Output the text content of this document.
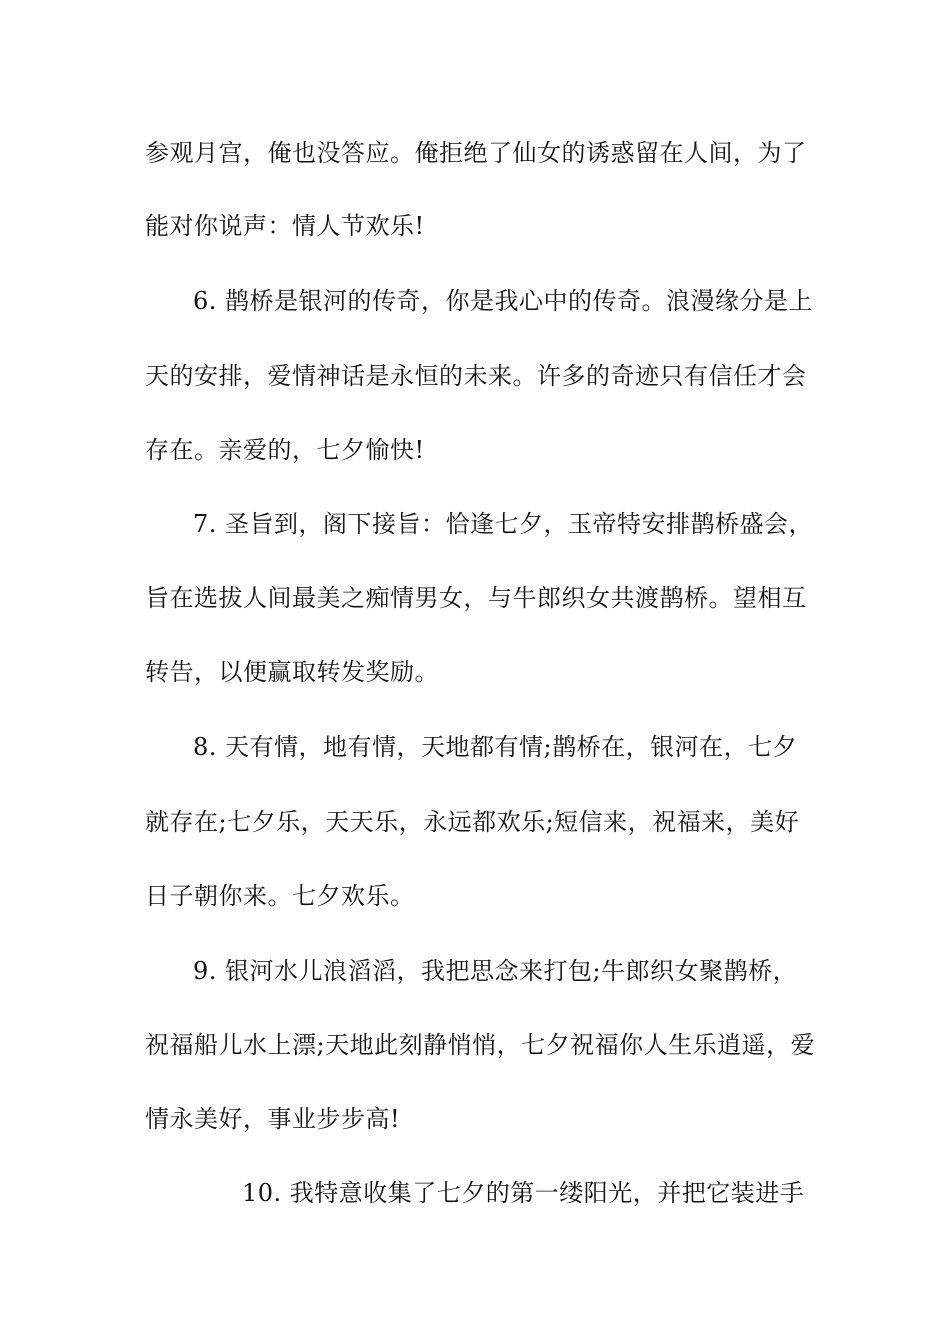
参观月宫，俺也没答应。俺拒绝了仙女的诱惑留在人间，为了
能对你说声：情人节欢乐!
6. 鹊桥是银河的传奇，你是我心中的传奇。浪漫缘分是上
天的安排，爱情神话是永恒的未来。许多的奇迹只有信任才会
存在。亲爱的，七夕愉快!
7. 圣旨到，阁下接旨：恰逢七夕，玉帝特安排鹊桥盛会，
旨在选拔人间最美之痴情男女，与牛郎织女共渡鹊桥。望相互
转告，以便赢取转发奖励。
8. 天有情，地有情，天地都有情;鹊桥在，银河在，七夕
就存在;七夕乐，天天乐，永远都欢乐;短信来，祝福来，美好
日子朝你来。七夕欢乐。
9. 银河水儿浪滔滔，我把思念来打包;牛郎织女聚鹊桥，
祝福船儿水上漂;天地此刻静悄悄，七夕祝福你人生乐逍遥，爱
情永美好，事业步步高!
10. 我特意收集了七夕的第一缕阳光，并把它装进手
